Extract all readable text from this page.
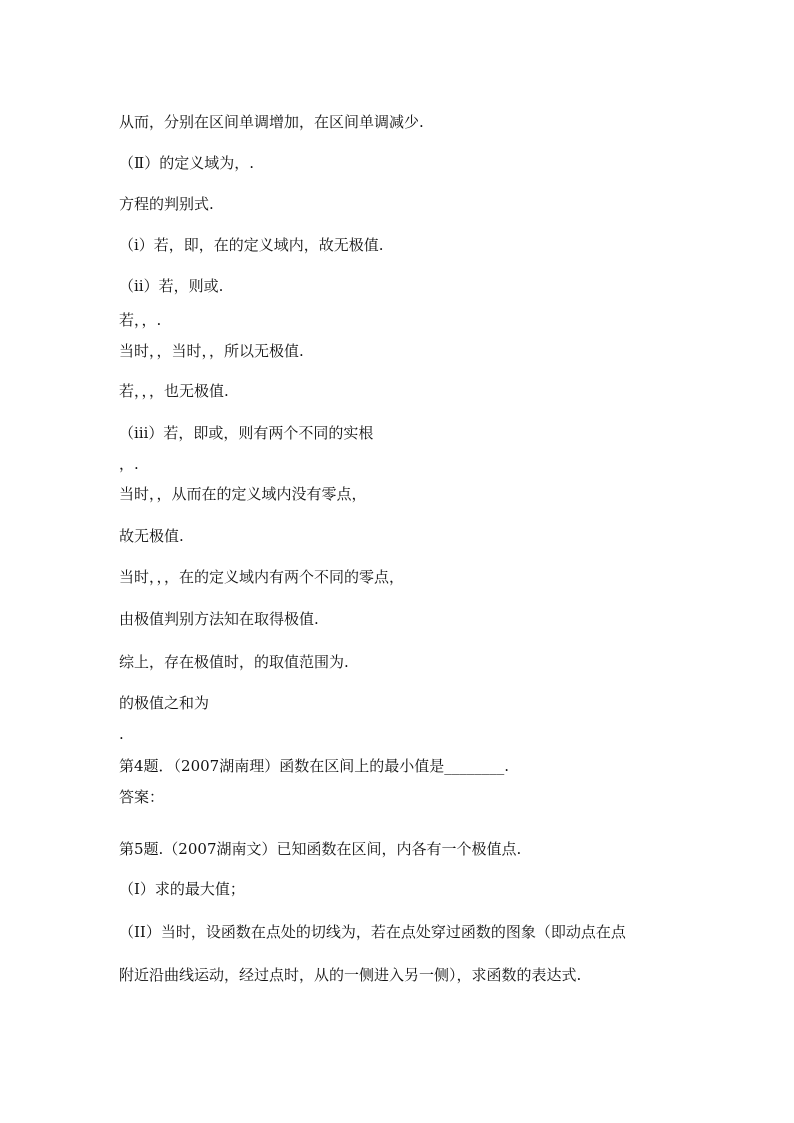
从而，分别在区间单调增加，在区间单调减少.
（Ⅱ）的定义域为，.
方程的判别式.
（ⅰ）若，即，在的定义域内，故无极值.
（ⅱ）若，则或.
若，，.
当时，，当时，，所以无极值.
若，，，也无极值.
（ⅲ）若，即或，则有两个不同的实根
，.
当时，，从而在的定义域内没有零点，
故无极值.
当时，，，在的定义域内有两个不同的零点，
由极值判别方法知在取得极值.
综上，存在极值时，的取值范围为.
的极值之和为
.
第4题．（2007湖南理）函数在区间上的最小值是________.
答案：
第5题.（2007湖南文）已知函数在区间，内各有一个极值点.
（I）求的最大值；
（II）当时，设函数在点处的切线为，若在点处穿过函数的图象（即动点在点
附近沿曲线运动，经过点时，从的一侧进入另一侧），求函数的表达式.
